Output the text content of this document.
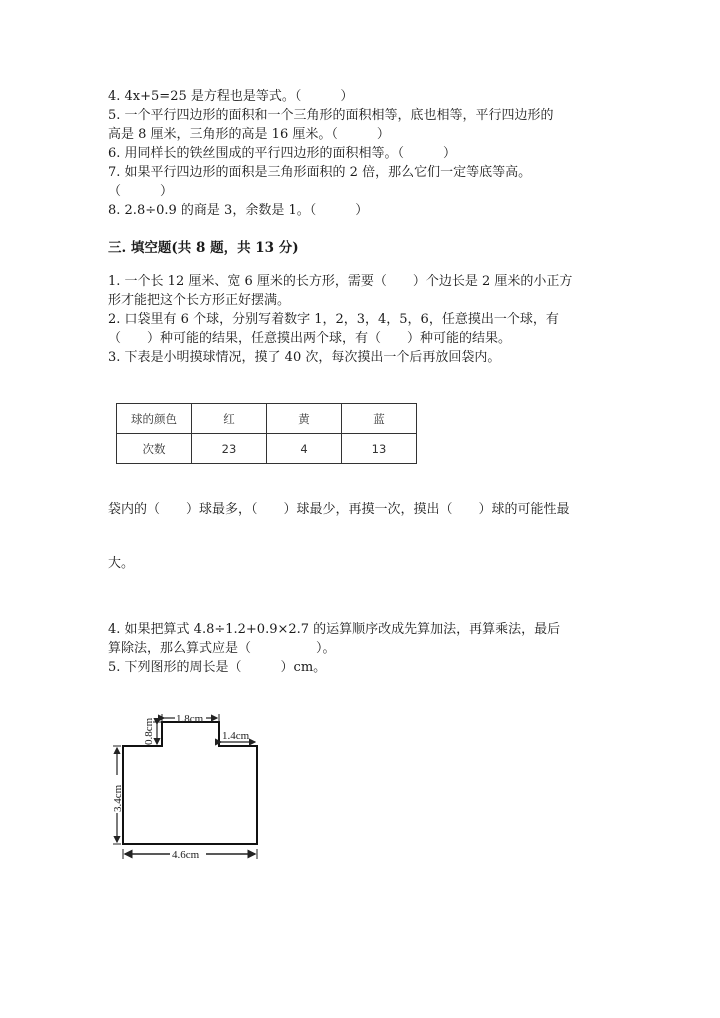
4. 4x+5=25 是方程也是等式。（　　　）
5. 一个平行四边形的面积和一个三角形的面积相等，底也相等，平行四边形的
高是 8 厘米，三角形的高是 16 厘米。（　　　）
6. 用同样长的铁丝围成的平行四边形的面积相等。（　　　）
7. 如果平行四边形的面积是三角形面积的 2 倍，那么它们一定等底等高。
（　　　）
8. 2.8÷0.9 的商是 3，余数是 1。（　　　）
三. 填空题(共 8 题，共 13 分)
1. 一个长 12 厘米、宽 6 厘米的长方形，需要（　　）个边长是 2 厘米的小正方
形才能把这个长方形正好摆满。
2. 口袋里有 6 个球，分别写着数字 1，2，3，4，5，6，任意摸出一个球，有
（　　）种可能的结果，任意摸出两个球，有（　　）种可能的结果。
3. 下表是小明摸球情况，摸了 40 次，每次摸出一个后再放回袋内。
球的颜色	红	黄	蓝
次数	23	4	13
袋内的（　　）球最多，（　　）球最少，再摸一次，摸出（　　）球的可能性最
大。
4. 如果把算式 4.8÷1.2+0.9×2.7 的运算顺序改成先算加法，再算乘法，最后
算除法，那么算式应是（　　　　　）。
5. 下列图形的周长是（　　　）cm。
1.8cm
0.8cm	1.4cm
3.4cm
4.6cm
